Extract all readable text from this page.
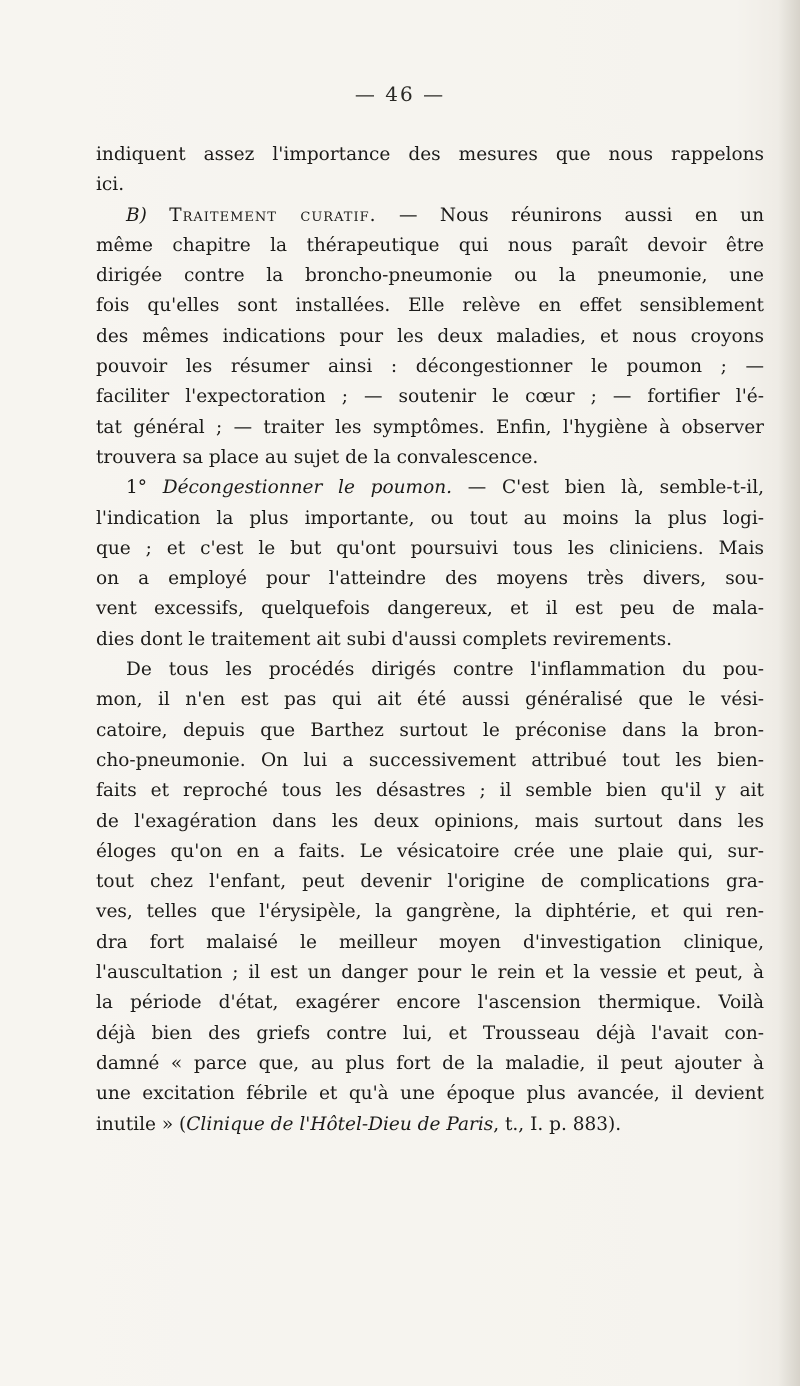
— 46 —
indiquent assez l'importance des mesures que nous rappelons
ici.
B) Traitement curatif. — Nous réunirons aussi en un
même chapitre la thérapeutique qui nous paraît devoir être
dirigée contre la broncho-pneumonie ou la pneumonie, une
fois qu'elles sont installées. Elle relève en effet sensiblement
des mêmes indications pour les deux maladies, et nous croyons
pouvoir les résumer ainsi : décongestionner le poumon ; —
faciliter l'expectoration ; — soutenir le cœur ; — fortifier l'é-
tat général ; — traiter les symptômes. Enfin, l'hygiène à observer
trouvera sa place au sujet de la convalescence.
1° Décongestionner le poumon. — C'est bien là, semble-t-il,
l'indication la plus importante, ou tout au moins la plus logi-
que ; et c'est le but qu'ont poursuivi tous les cliniciens. Mais
on a employé pour l'atteindre des moyens très divers, sou-
vent excessifs, quelquefois dangereux, et il est peu de mala-
dies dont le traitement ait subi d'aussi complets revirements.
De tous les procédés dirigés contre l'inflammation du pou-
mon, il n'en est pas qui ait été aussi généralisé que le vési-
catoire, depuis que Barthez surtout le préconise dans la bron-
cho-pneumonie. On lui a successivement attribué tout les bien-
faits et reproché tous les désastres ; il semble bien qu'il y ait
de l'exagération dans les deux opinions, mais surtout dans les
éloges qu'on en a faits. Le vésicatoire crée une plaie qui, sur-
tout chez l'enfant, peut devenir l'origine de complications gra-
ves, telles que l'érysipèle, la gangrène, la diphtérie, et qui ren-
dra fort malaisé le meilleur moyen d'investigation clinique,
l'auscultation ; il est un danger pour le rein et la vessie et peut, à
la période d'état, exagérer encore l'ascension thermique. Voilà
déjà bien des griefs contre lui, et Trousseau déjà l'avait con-
damné « parce que, au plus fort de la maladie, il peut ajouter à
une excitation fébrile et qu'à une époque plus avancée, il devient
inutile » (Clinique de l'Hôtel-Dieu de Paris, t., I. p. 883).
